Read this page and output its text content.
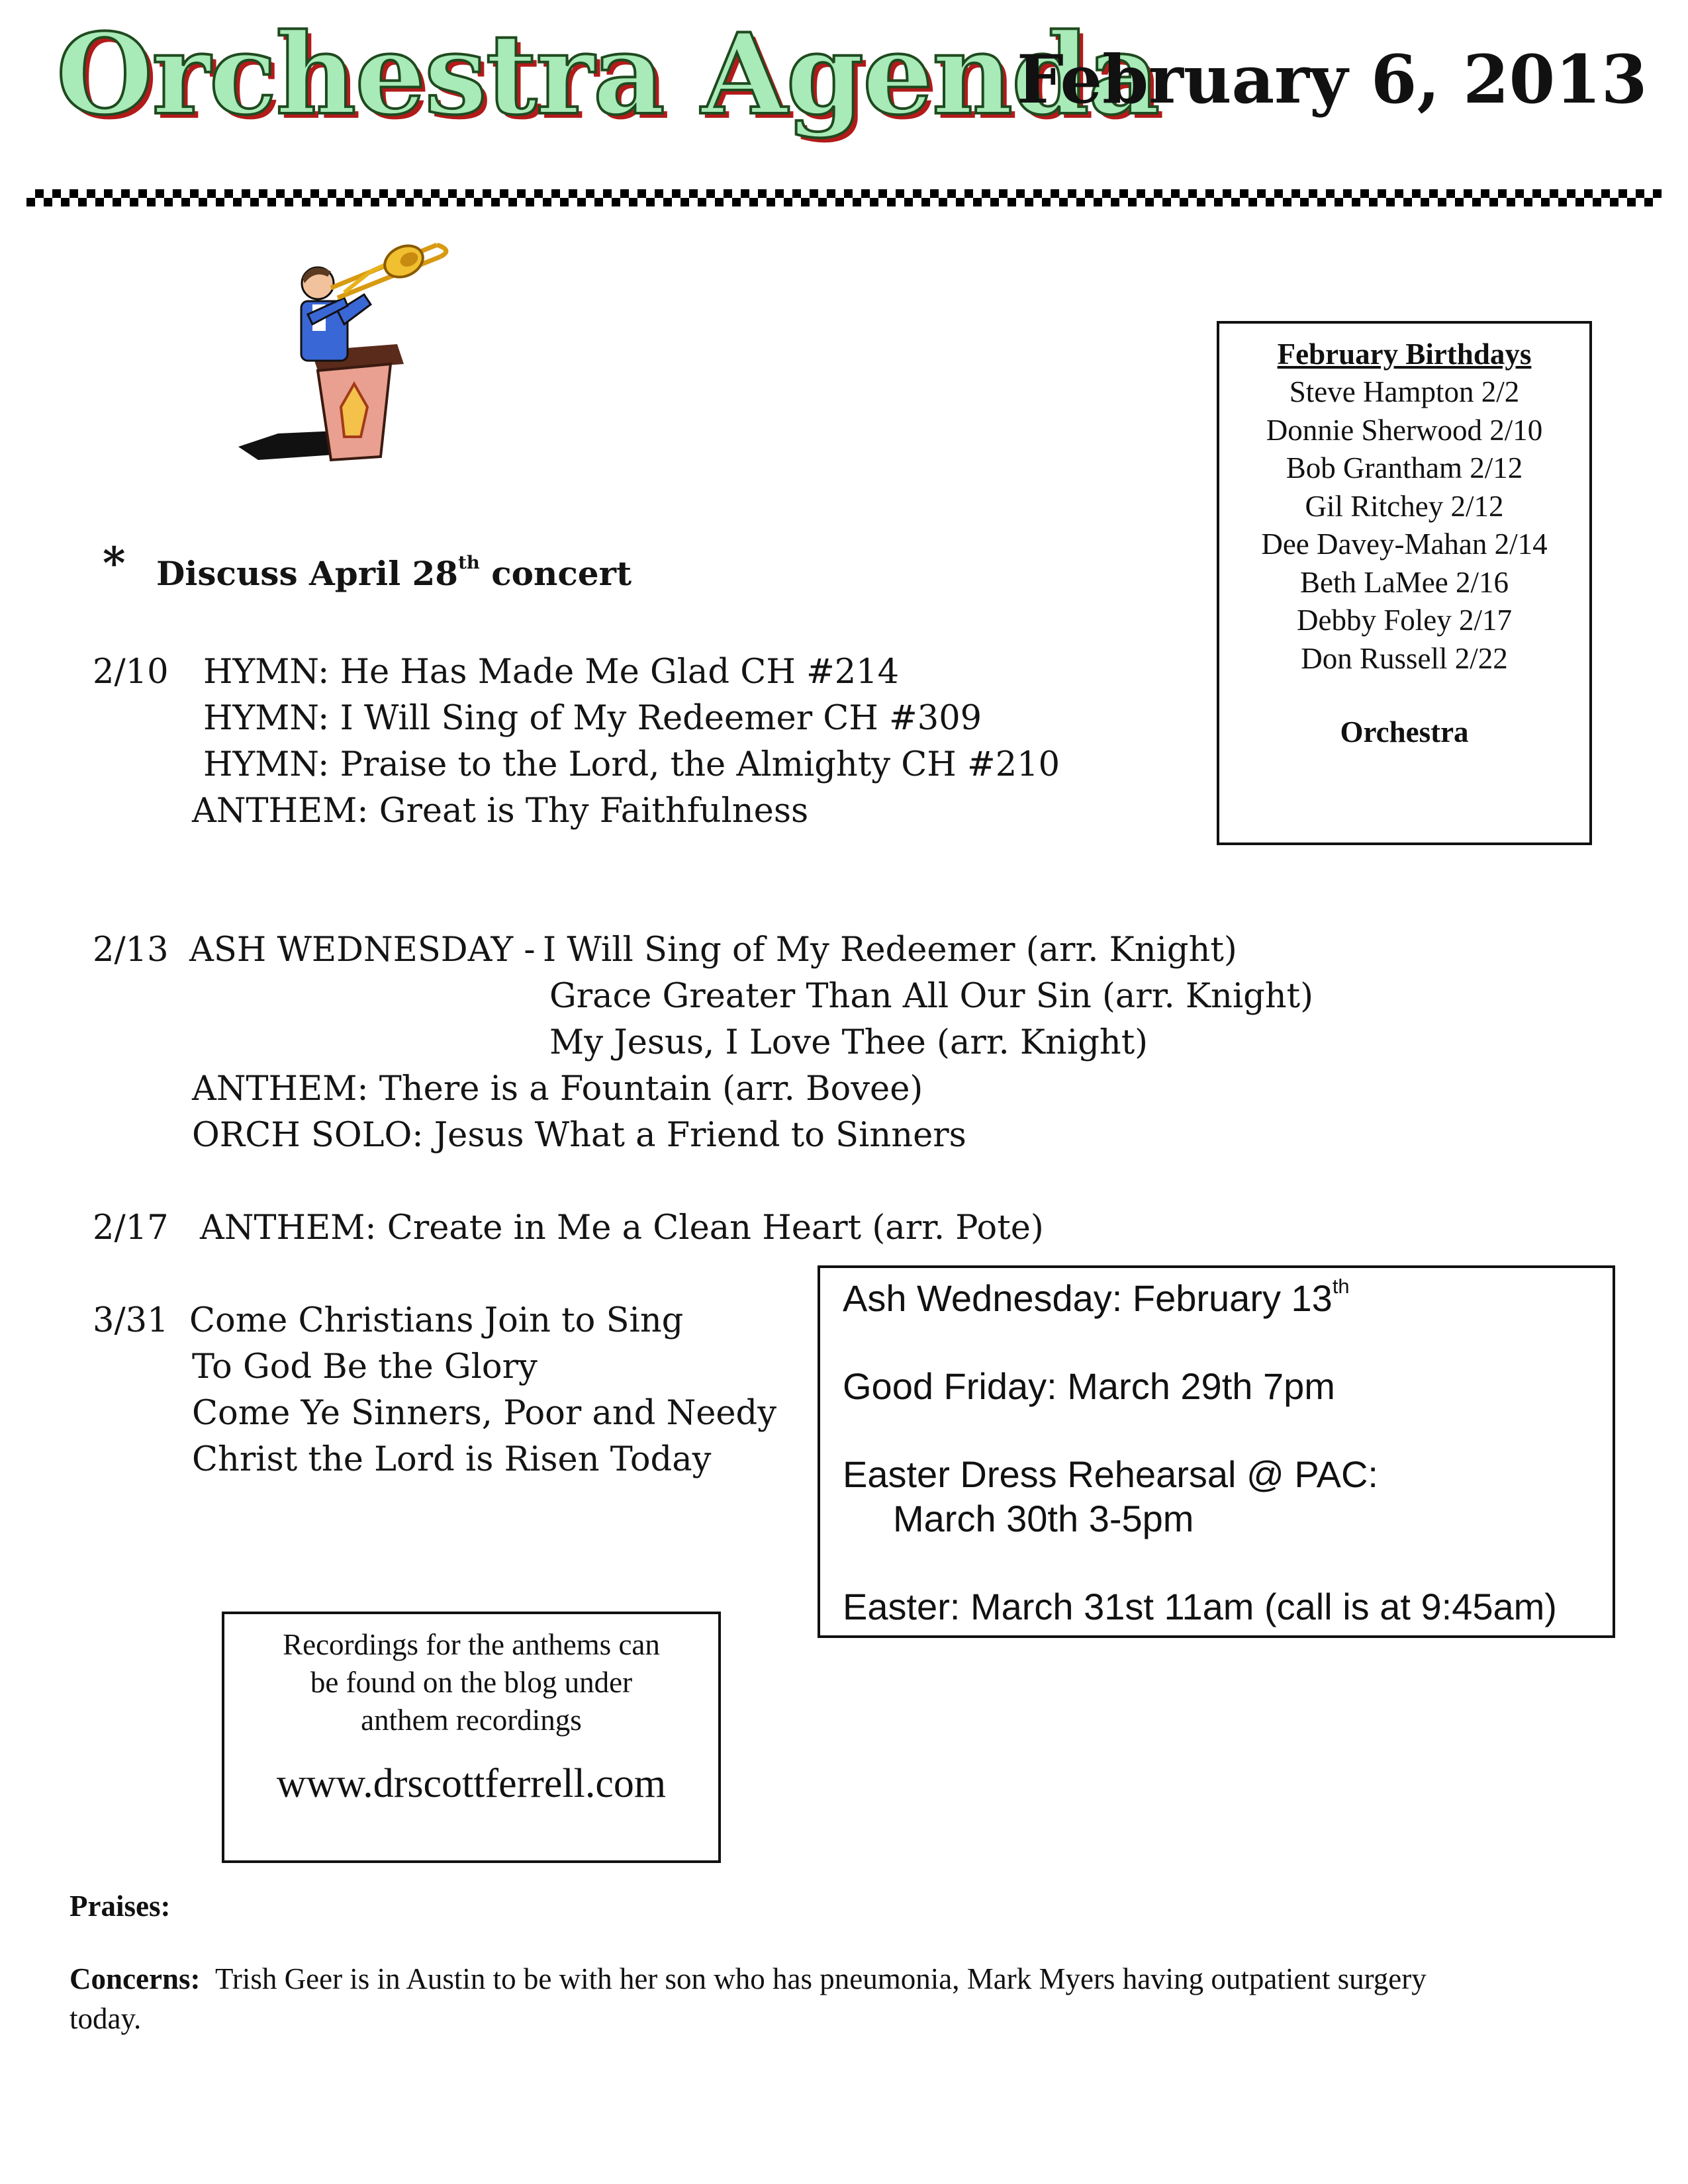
Orchestra Agenda
February 6, 2013
* Discuss April 28th concert
2/10 HYMN: He Has Made Me Glad CH #214
HYMN: I Will Sing of My Redeemer CH #309
HYMN: Praise to the Lord, the Almighty CH #210
ANTHEM: Great is Thy Faithfulness
2/13 ASH WEDNESDAY - I Will Sing of My Redeemer (arr. Knight)
Grace Greater Than All Our Sin (arr. Knight)
My Jesus, I Love Thee (arr. Knight)
ANTHEM: There is a Fountain (arr. Bovee)
ORCH SOLO: Jesus What a Friend to Sinners
2/17 ANTHEM: Create in Me a Clean Heart (arr. Pote)
3/31 Come Christians Join to Sing
To God Be the Glory
Come Ye Sinners, Poor and Needy
Christ the Lord is Risen Today
February Birthdays
Steve Hampton 2/2
Donnie Sherwood 2/10
Bob Grantham 2/12
Gil Ritchey 2/12
Dee Davey-Mahan 2/14
Beth LaMee 2/16
Debby Foley 2/17
Don Russell 2/22
Orchestra
Ash Wednesday: February 13th
Good Friday: March 29th 7pm
Easter Dress Rehearsal @ PAC:
March 30th 3-5pm
Easter: March 31st 11am (call is at 9:45am)
Recordings for the anthems can
be found on the blog under
anthem recordings
www.drscottferrell.com
Praises:
Concerns: Trish Geer is in Austin to be with her son who has pneumonia, Mark Myers having outpatient surgery
today.
